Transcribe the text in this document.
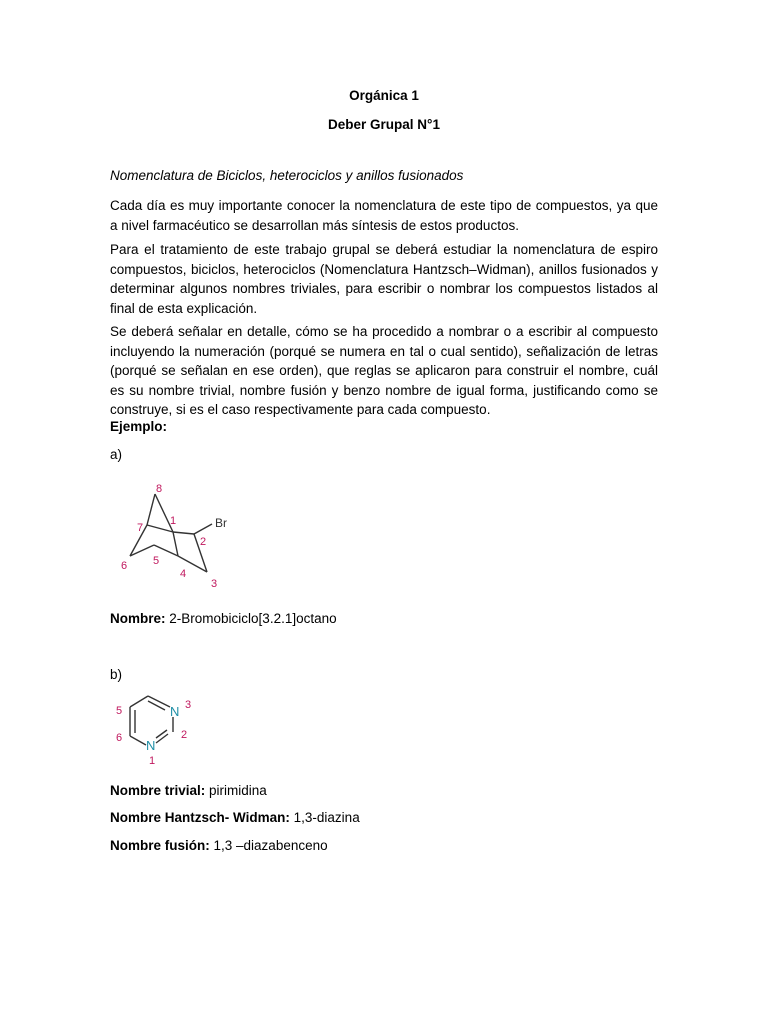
Orgánica 1
Deber Grupal N°1

Nomenclatura de Biciclos, heterociclos y anillos fusionados

Cada día es muy importante conocer la nomenclatura de este tipo de compuestos, ya que a nivel farmacéutico se desarrollan más síntesis de estos productos.

Para el tratamiento de este trabajo grupal se deberá estudiar la nomenclatura de espiro compuestos, biciclos, heterociclos (Nomenclatura Hantzsch–Widman), anillos fusionados y determinar algunos nombres triviales, para escribir o nombrar los compuestos listados al final de esta explicación.

Se deberá señalar en detalle, cómo se ha procedido a nombrar o a escribir al compuesto incluyendo la numeración (porqué se numera en tal o cual sentido), señalización de letras (porqué se señalan en ese orden), que reglas se aplicaron para construir el nombre, cuál es su nombre trivial, nombre fusión y benzo nombre de igual forma, justificando como se construye, si es el caso respectivamente para cada compuesto.

Ejemplo:

a)

Br
8
1
2
3
4
5
6
7

Nombre: 2-Bromobiciclo[3.2.1]octano

b)

N
N
3
2
1
6
5

Nombre trivial: pirimidina

Nombre Hantzsch- Widman: 1,3-diazina

Nombre fusión: 1,3 –diazabenceno
